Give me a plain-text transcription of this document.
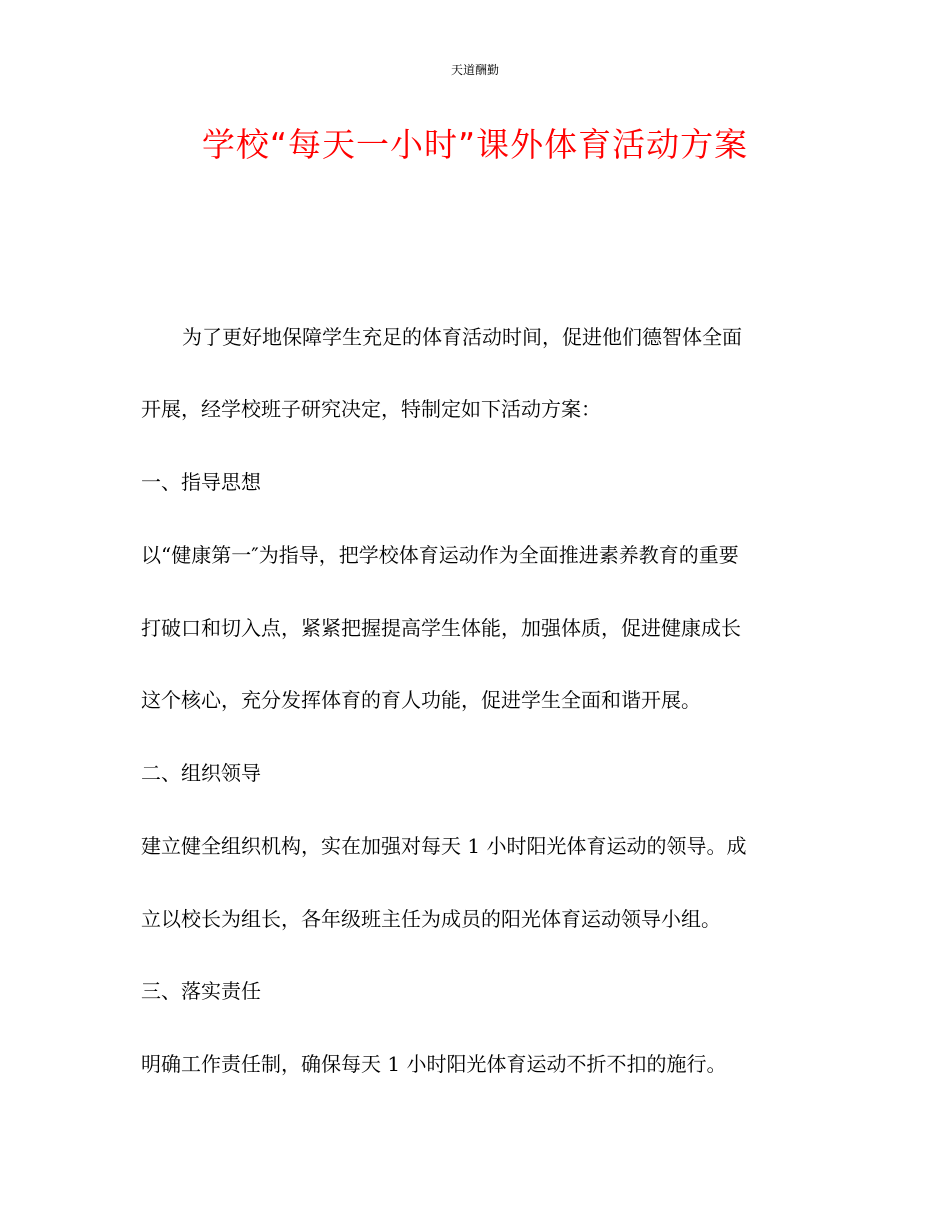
天道酬勤
学校“每天一小时”课外体育活动方案
为了更好地保障学生充足的体育活动时间，促进他们德智体全面
开展，经学校班子研究决定，特制定如下活动方案：
一、指导思想
以“健康第一″为指导，把学校体育运动作为全面推进素养教育的重要
打破口和切入点，紧紧把握提高学生体能，加强体质，促进健康成长
这个核心，充分发挥体育的育人功能，促进学生全面和谐开展。
二、组织领导
建立健全组织机构，实在加强对每天 1 小时阳光体育运动的领导。成
立以校长为组长，各年级班主任为成员的阳光体育运动领导小组。
三、落实责任
明确工作责任制，确保每天 1 小时阳光体育运动不折不扣的施行。
